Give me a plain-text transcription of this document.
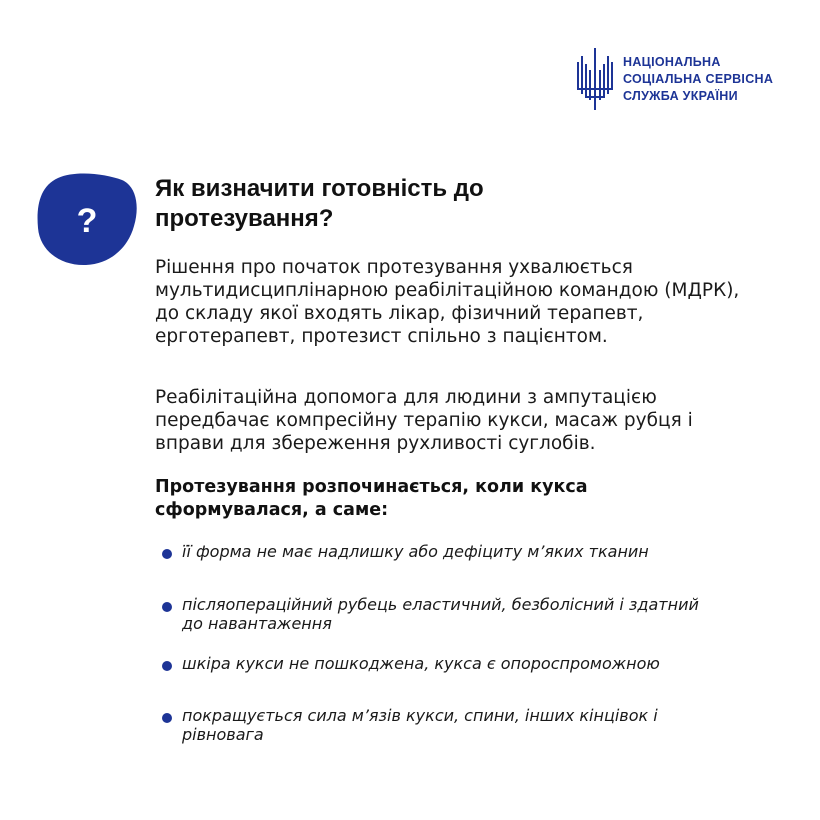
НАЦІОНАЛЬНА
СОЦІАЛЬНА СЕРВІСНА
СЛУЖБА УКРАЇНИ
?
Як визначити готовність до протезування?
Рішення про початок протезування ухвалюється мультидисциплінарною реабілітаційною командою (МДРК), до складу якої входять лікар, фізичний терапевт, ерготерапевт, протезист спільно з пацієнтом.
Реабілітаційна допомога для людини з ампутацією передбачає компресійну терапію кукси, масаж рубця і вправи для збереження рухливості суглобів.
Протезування розпочинається, коли кукса сформувалася, а саме:
її форма не має надлишку або дефіциту м’яких тканин
післяопераційний рубець еластичний, безболісний і здатний до навантаження
шкіра кукси не пошкоджена, кукса є опороспроможною
покращується сила м’язів кукси, спини, інших кінцівок і рівновага
